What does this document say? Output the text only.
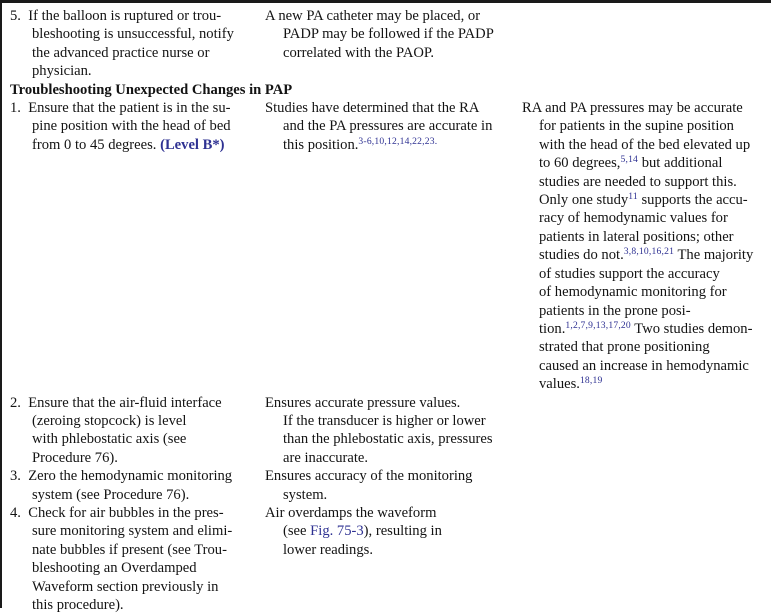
5. If the balloon is ruptured or trou-
bleshooting is unsuccessful, notify
the advanced practice nurse or
physician.
A new PA catheter may be placed, or
PADP may be followed if the PADP
correlated with the PAOP.
Troubleshooting Unexpected Changes in PAP
1. Ensure that the patient is in the su-
pine position with the head of bed
from 0 to 45 degrees. (Level B*)
Studies have determined that the RA
and the PA pressures are accurate in
this position.$^{3-6,10,12,14,22,23.}$
RA and PA pressures may be accurate
for patients in the supine position
with the head of the bed elevated up
to 60 degrees,$^{5,14}$ but additional
studies are needed to support this.
Only one study$^{11}$ supports the accu-
racy of hemodynamic values for
patients in lateral positions; other
studies do not.$^{3,8,10,16,21}$ The majority
of studies support the accuracy
of hemodynamic monitoring for
patients in the prone posi-
tion.$^{1,2,7,9,13,17,20}$ Two studies demon-
strated that prone positioning
caused an increase in hemodynamic
values.$^{18,19}$
2. Ensure that the air-fluid interface
(zeroing stopcock) is level
with phlebostatic axis (see
Procedure 76).
Ensures accurate pressure values.
If the transducer is higher or lower
than the phlebostatic axis, pressures
are inaccurate.
3. Zero the hemodynamic monitoring
system (see Procedure 76).
Ensures accuracy of the monitoring
system.
4. Check for air bubbles in the pres-
sure monitoring system and elimi-
nate bubbles if present (see Trou-
bleshooting an Overdamped
Waveform section previously in
this procedure).
Air overdamps the waveform
(see Fig. 75-3), resulting in
lower readings.
